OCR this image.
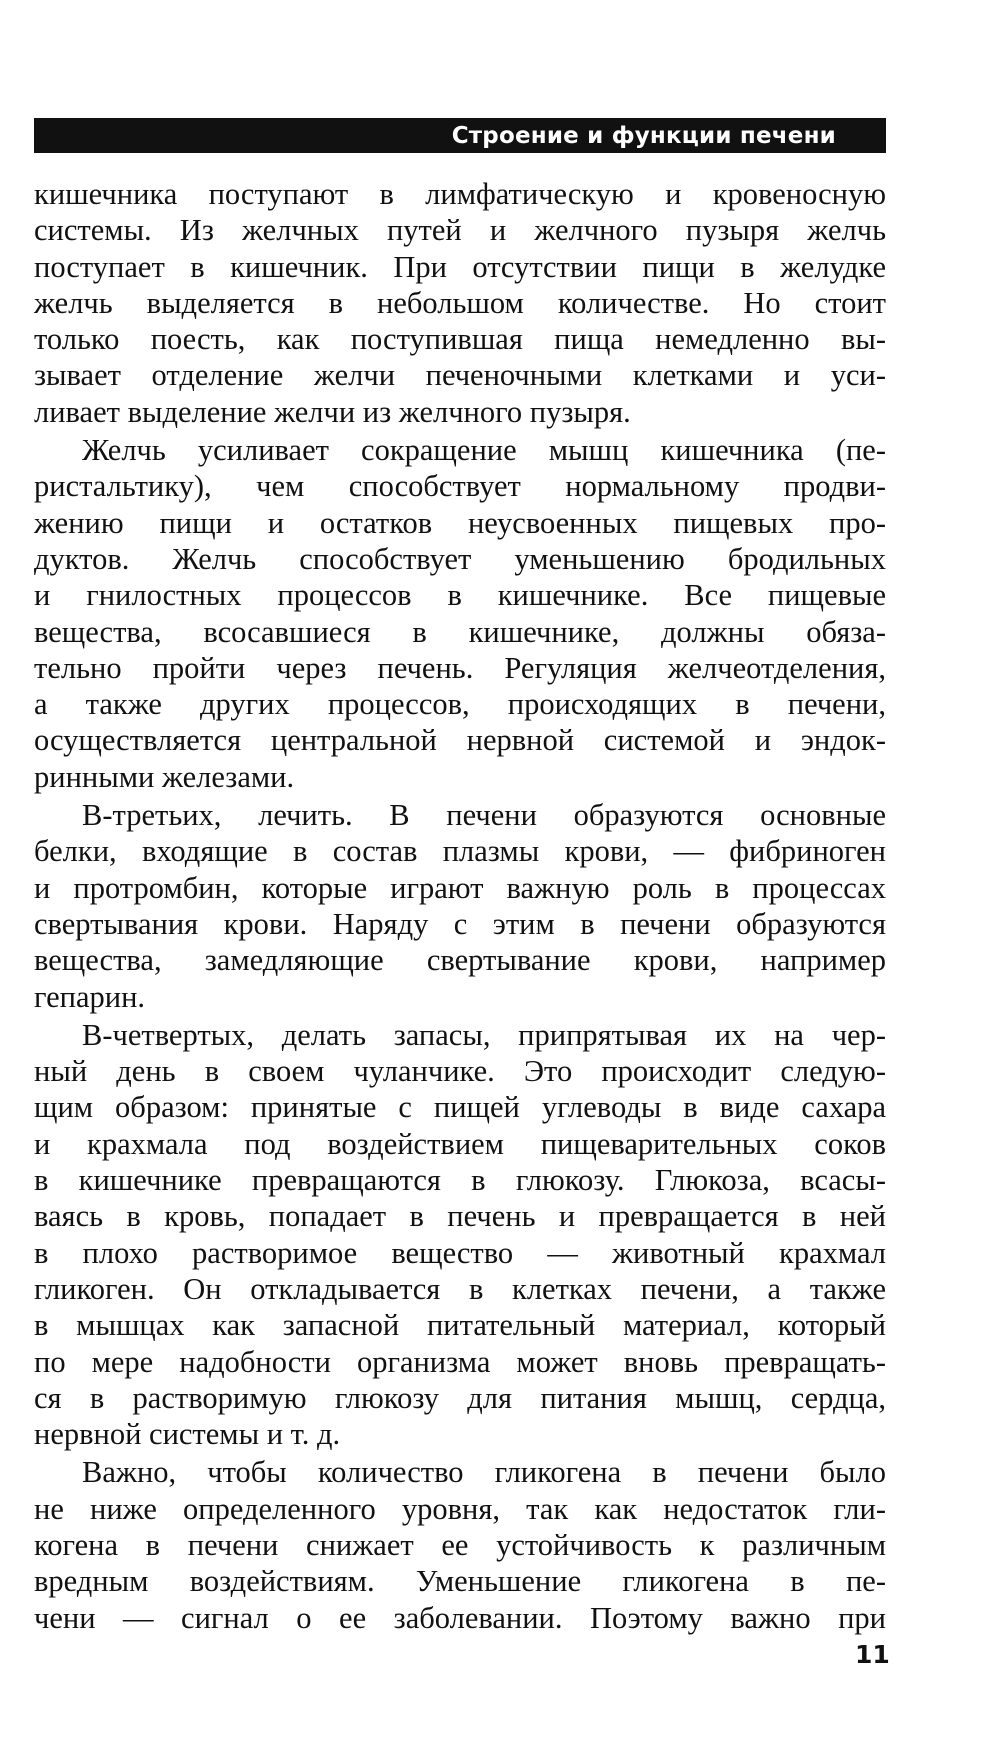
Строение и функции печени
кишечника поступают в лимфатическую и кровеносную
системы. Из желчных путей и желчного пузыря желчь
поступает в кишечник. При отсутствии пищи в желудке
желчь выделяется в небольшом количестве. Но стоит
только поесть, как поступившая пища немедленно вы-
зывает отделение желчи печеночными клетками и уси-
ливает выделение желчи из желчного пузыря.
Желчь усиливает сокращение мышц кишечника (пе-
ристальтику), чем способствует нормальному продви-
жению пищи и остатков неусвоенных пищевых про-
дуктов. Желчь способствует уменьшению бродильных
и гнилостных процессов в кишечнике. Все пищевые
вещества, всосавшиеся в кишечнике, должны обяза-
тельно пройти через печень. Регуляция желчеотделения,
а также других процессов, происходящих в печени,
осуществляется центральной нервной системой и эндок-
ринными железами.
В-третьих, лечить. В печени образуются основные
белки, входящие в состав плазмы крови, — фибриноген
и протромбин, которые играют важную роль в процессах
свертывания крови. Наряду с этим в печени образуются
вещества, замедляющие свертывание крови, например
гепарин.
В-четвертых, делать запасы, припрятывая их на чер-
ный день в своем чуланчике. Это происходит следую-
щим образом: принятые с пищей углеводы в виде сахара
и крахмала под воздействием пищеварительных соков
в кишечнике превращаются в глюкозу. Глюкоза, всасы-
ваясь в кровь, попадает в печень и превращается в ней
в плохо растворимое вещество — животный крахмал
гликоген. Он откладывается в клетках печени, а также
в мышцах как запасной питательный материал, который
по мере надобности организма может вновь превращать-
ся в растворимую глюкозу для питания мышц, сердца,
нервной системы и т. д.
Важно, чтобы количество гликогена в печени было
не ниже определенного уровня, так как недостаток гли-
когена в печени снижает ее устойчивость к различным
вредным воздействиям. Уменьшение гликогена в пе-
чени — сигнал о ее заболевании. Поэтому важно при
11
